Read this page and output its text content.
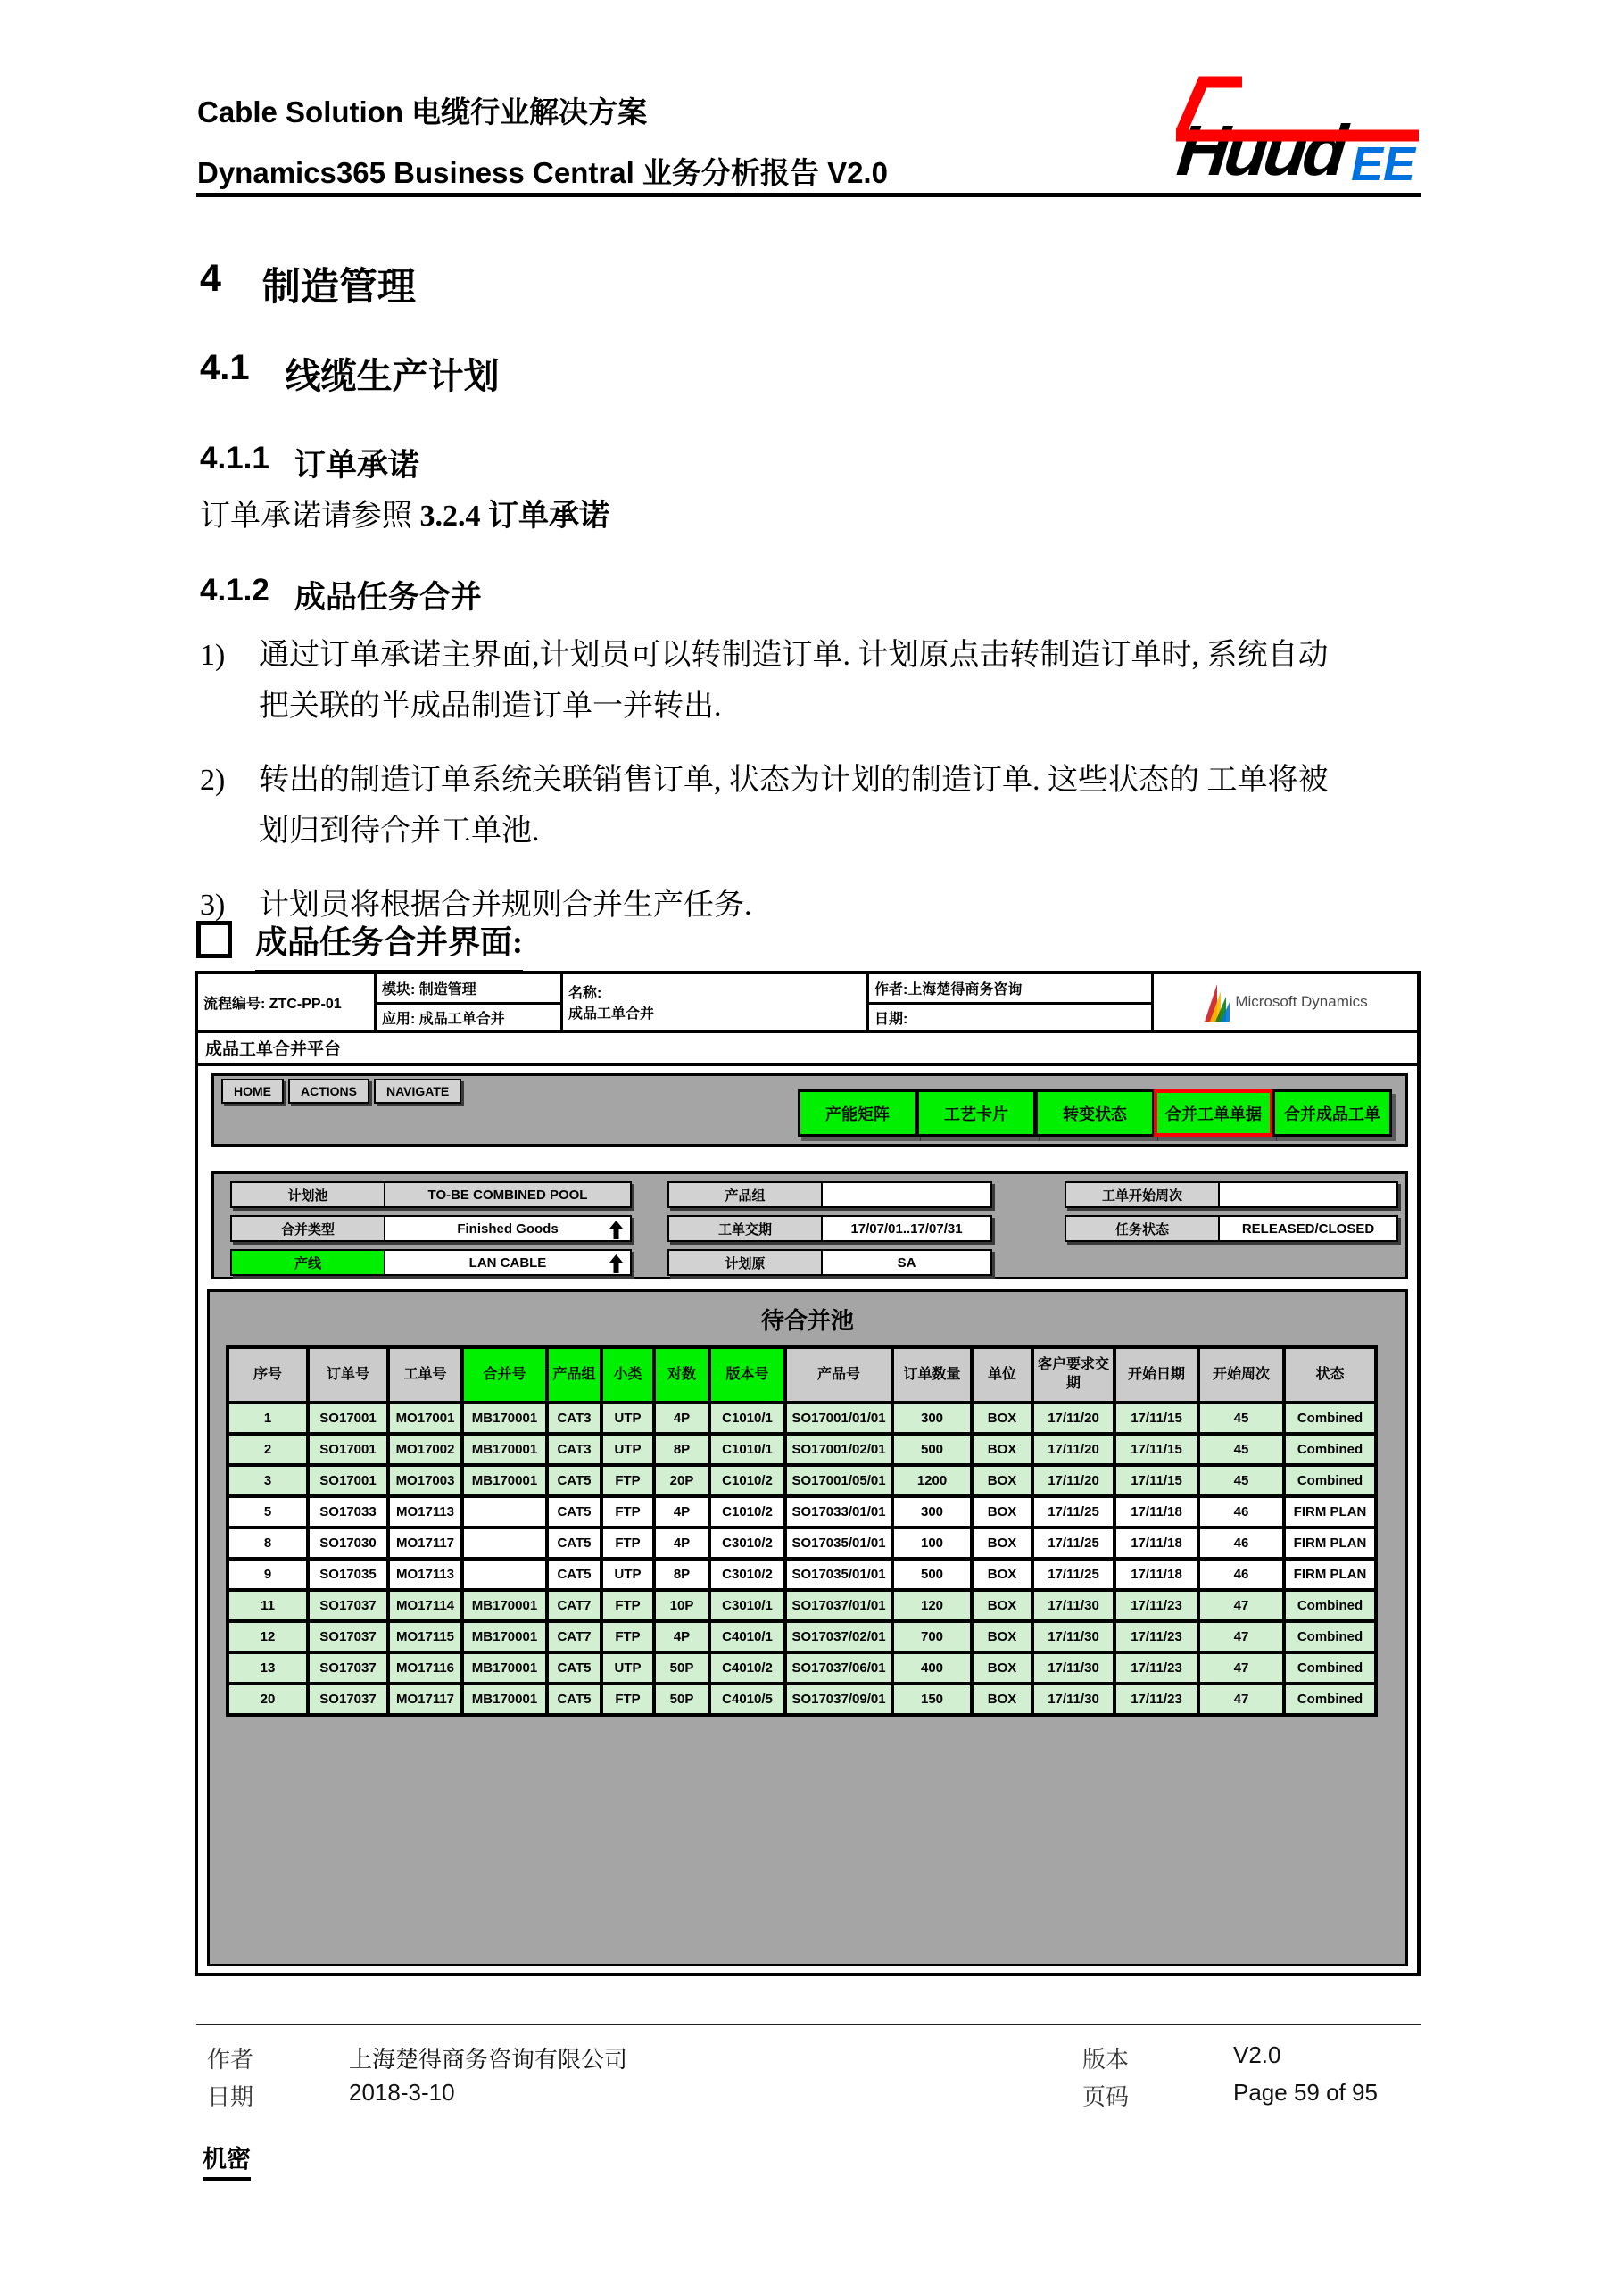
Cable Solution 电缆行业解决方案
Dynamics365 Business Central 业务分析报告 V2.0	Huud EE
4 制造管理
4.1 线缆生产计划
4.1.1 订单承诺
订单承诺请参照 3.2.4 订单承诺
4.1.2 成品任务合并
1)	通过订单承诺主界面,计划员可以转制造订单. 计划原点击转制造订单时, 系统自动把关联的半成品制造订单一并转出.
2)	转出的制造订单系统关联销售订单, 状态为计划的制造订单. 这些状态的 工单将被划归到待合并工单池.
3)	计划员将根据合并规则合并生产任务.
成品任务合并界面:
流程编号: ZTC-PP-01
模块: 制造管理	名称:
成品工单合并
作者:上海楚得商务咨询
Microsoft Dynamics
应用: 成品工单合并	日期:
成品工单合并平台
HOME	ACTIONS	NAVIGATE
产能矩阵	工艺卡片	转变状态	合并工单单据	合并成品工单
计划池	TO-BE COMBINED POOL
合并类型	Finished Goods
产线	LAN CABLE
产品组
工单交期	17/07/01..17/07/31
计划原	SA
工单开始周次
任务状态	RELEASED/CLOSED
待合并池
序号	订单号	工单号	合并号	产品组	小类	对数	版本号	产品号	订单数量	单位	客户要求交期	开始日期	开始周次	状态
1	SO17001	MO17001	MB170001	CAT3	UTP	4P	C1010/1	SO17001/01/01	300	BOX	17/11/20	17/11/15	45	Combined
2	SO17001	MO17002	MB170001	CAT3	UTP	8P	C1010/1	SO17001/02/01	500	BOX	17/11/20	17/11/15	45	Combined
3	SO17001	MO17003	MB170001	CAT5	FTP	20P	C1010/2	SO17001/05/01	1200	BOX	17/11/20	17/11/15	45	Combined
5	SO17033	MO17113		CAT5	FTP	4P	C1010/2	SO17033/01/01	300	BOX	17/11/25	17/11/18	46	FIRM PLAN
8	SO17030	MO17117		CAT5	FTP	4P	C3010/2	SO17035/01/01	100	BOX	17/11/25	17/11/18	46	FIRM PLAN
9	SO17035	MO17113		CAT5	UTP	8P	C3010/2	SO17035/01/01	500	BOX	17/11/25	17/11/18	46	FIRM PLAN
11	SO17037	MO17114	MB170001	CAT7	FTP	10P	C3010/1	SO17037/01/01	120	BOX	17/11/30	17/11/23	47	Combined
12	SO17037	MO17115	MB170001	CAT7	FTP	4P	C4010/1	SO17037/02/01	700	BOX	17/11/30	17/11/23	47	Combined
13	SO17037	MO17116	MB170001	CAT5	UTP	50P	C4010/2	SO17037/06/01	400	BOX	17/11/30	17/11/23	47	Combined
20	SO17037	MO17117	MB170001	CAT5	FTP	50P	C4010/5	SO17037/09/01	150	BOX	17/11/30	17/11/23	47	Combined
作者	上海楚得商务咨询有限公司	版本	V2.0
日期	2018-3-10	页码	Page 59 of 95
机密
